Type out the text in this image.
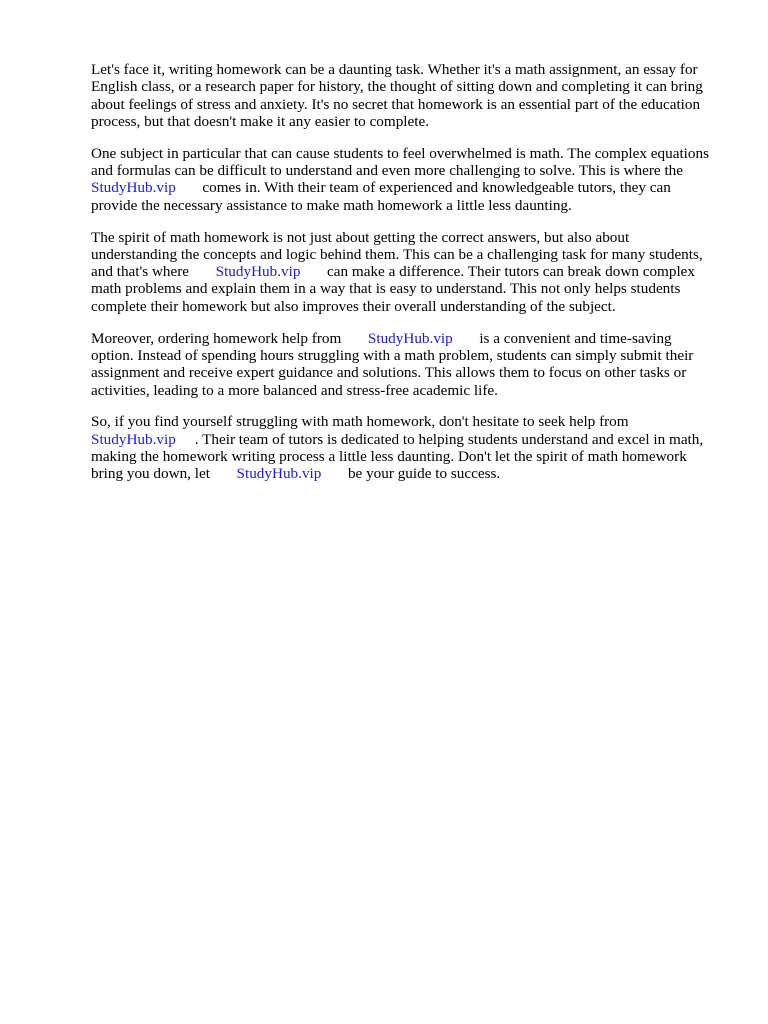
Let's face it, writing homework can be a daunting task. Whether it's a math assignment, an essay for
English class, or a research paper for history, the thought of sitting down and completing it can bring
about feelings of stress and anxiety. It's no secret that homework is an essential part of the education
process, but that doesn't make it any easier to complete.

One subject in particular that can cause students to feel overwhelmed is math. The complex equations
and formulas can be difficult to understand and even more challenging to solve. This is where the
StudyHub.vip comes in. With their team of experienced and knowledgeable tutors, they can
provide the necessary assistance to make math homework a little less daunting.

The spirit of math homework is not just about getting the correct answers, but also about
understanding the concepts and logic behind them. This can be a challenging task for many students,
and that's where StudyHub.vip can make a difference. Their tutors can break down complex
math problems and explain them in a way that is easy to understand. This not only helps students
complete their homework but also improves their overall understanding of the subject.

Moreover, ordering homework help from StudyHub.vip is a convenient and time-saving
option. Instead of spending hours struggling with a math problem, students can simply submit their
assignment and receive expert guidance and solutions. This allows them to focus on other tasks or
activities, leading to a more balanced and stress-free academic life.

So, if you find yourself struggling with math homework, don't hesitate to seek help from
StudyHub.vip . Their team of tutors is dedicated to helping students understand and excel in math,
making the homework writing process a little less daunting. Don't let the spirit of math homework
bring you down, let StudyHub.vip be your guide to success.
